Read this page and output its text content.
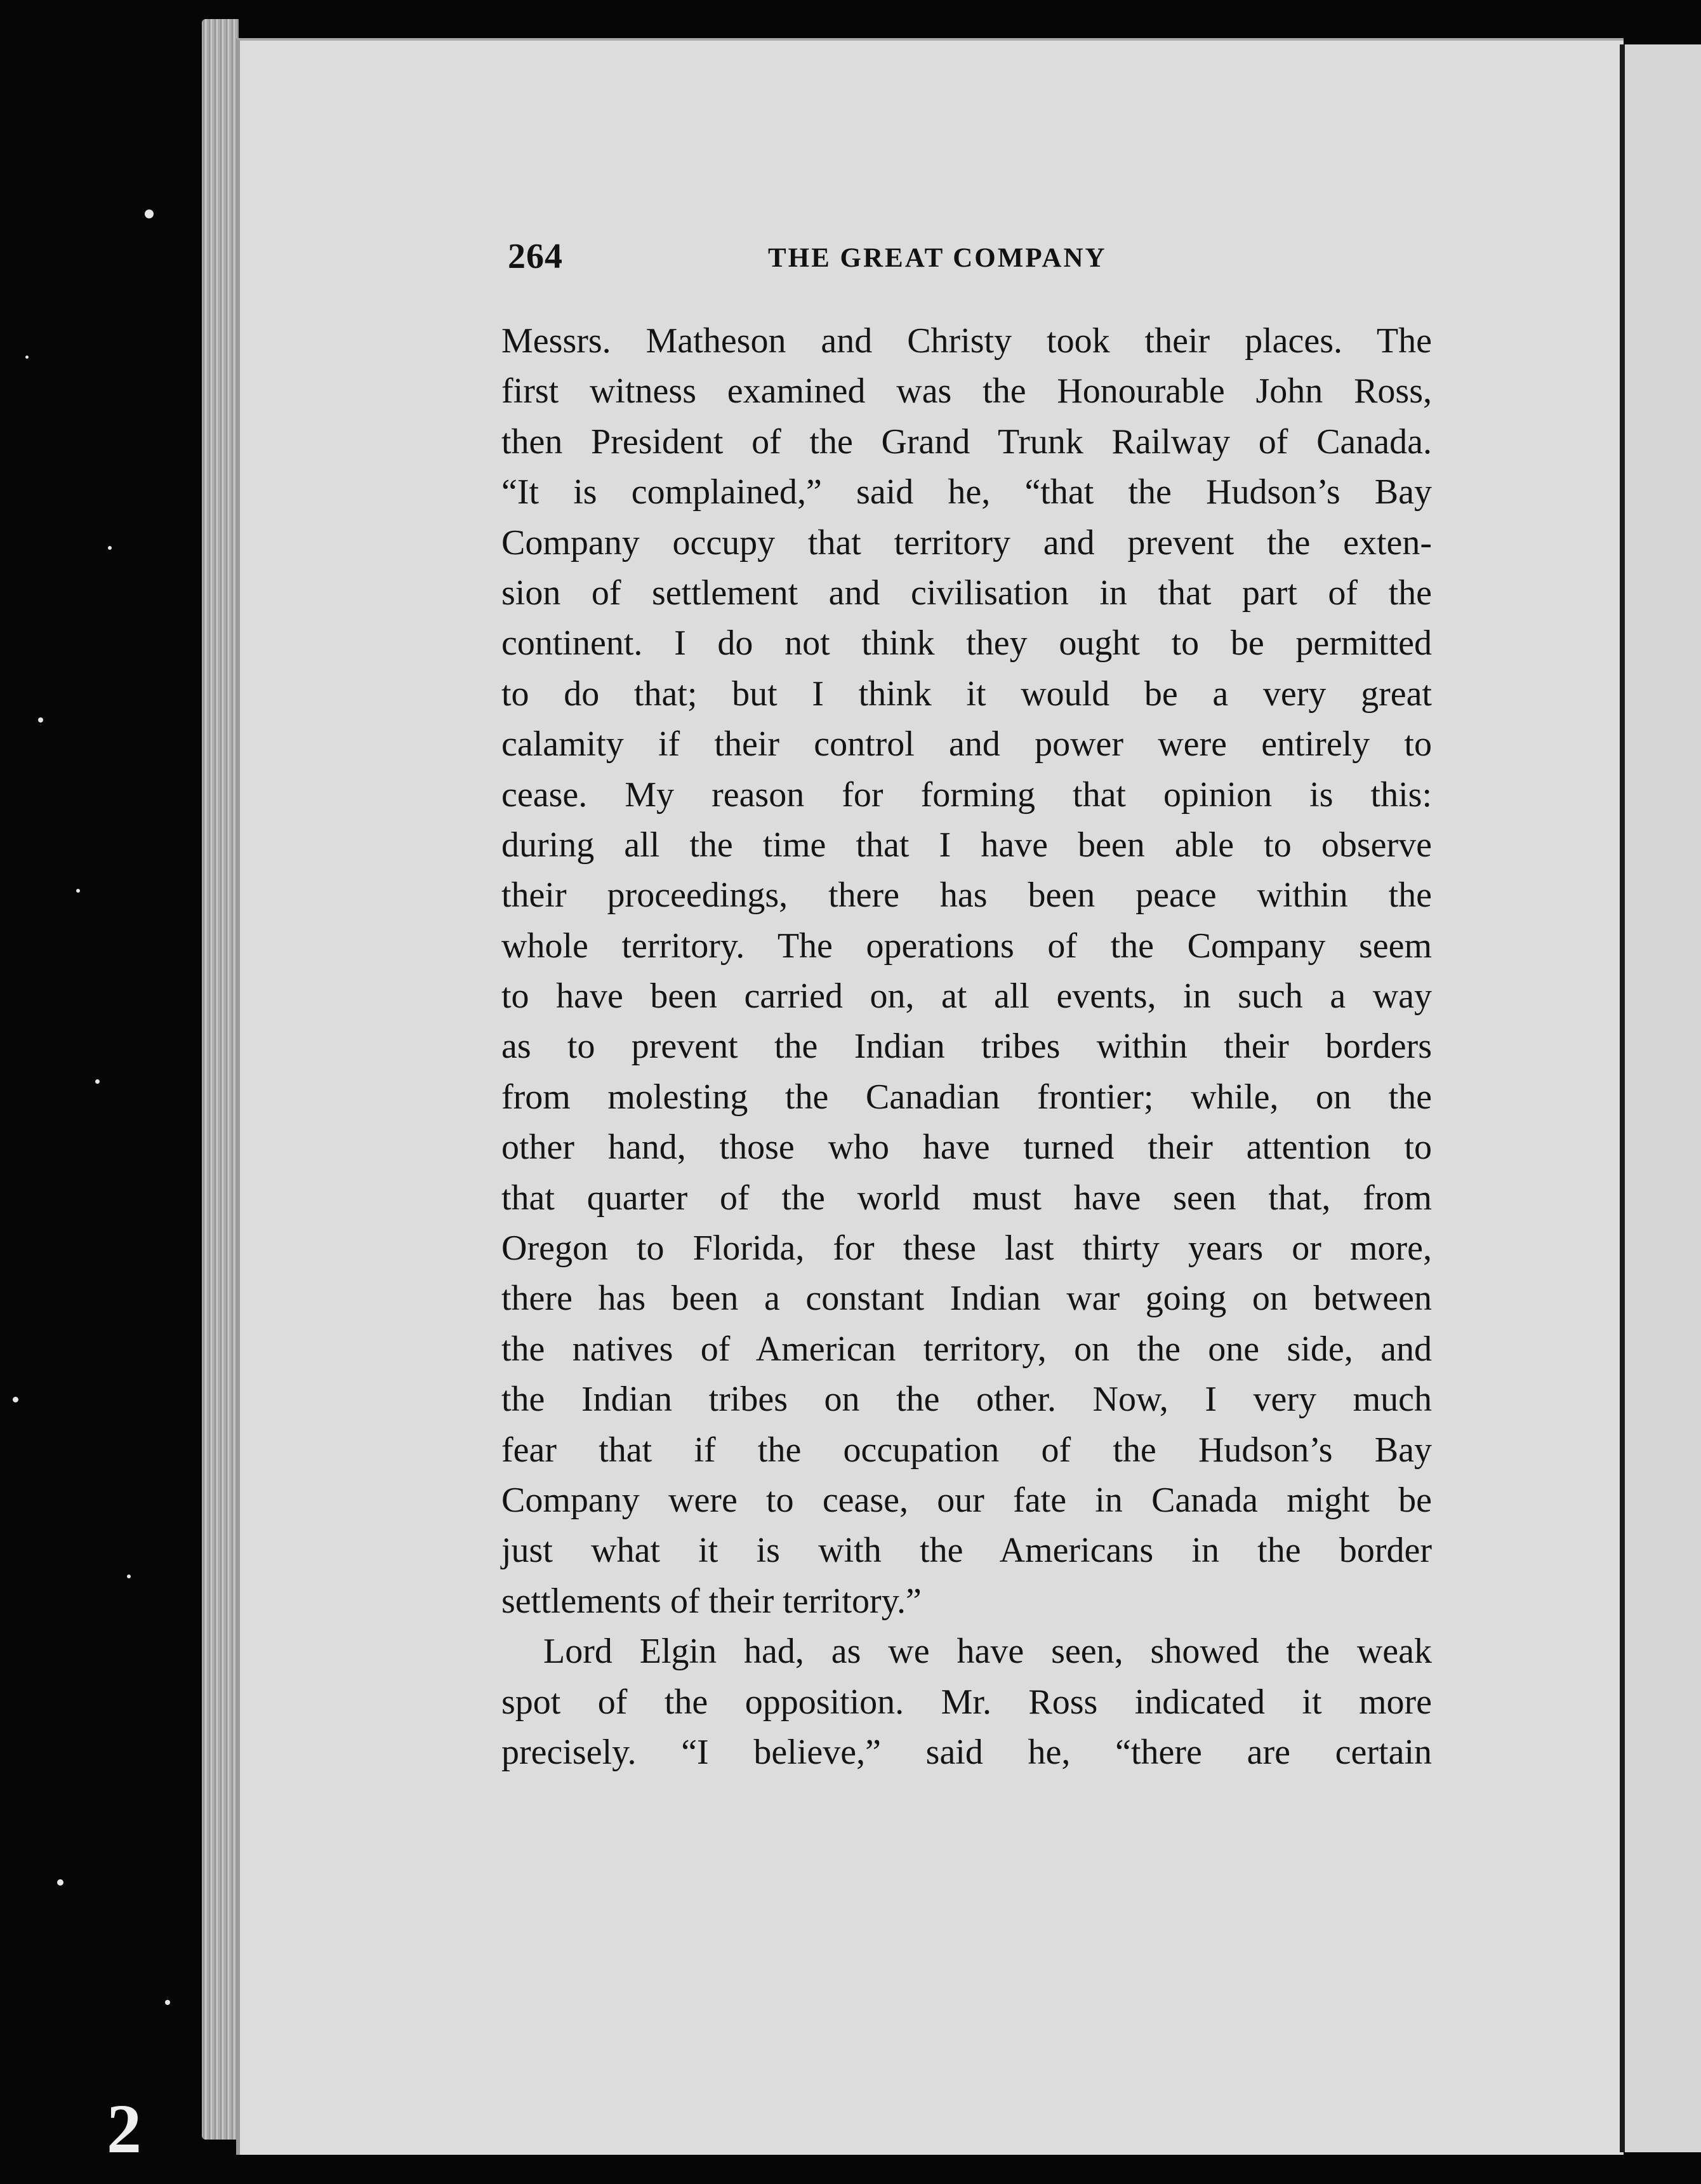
264	THE GREAT COMPANY
Messrs. Matheson and Christy took their places. The
first witness examined was the Honourable John Ross,
then President of the Grand Trunk Railway of Canada.
“It is complained,” said he, “that the Hudson’s Bay
Company occupy that territory and prevent the exten-
sion of settlement and civilisation in that part of the
continent. I do not think they ought to be permitted
to do that; but I think it would be a very great
calamity if their control and power were entirely to
cease. My reason for forming that opinion is this:
during all the time that I have been able to observe
their proceedings, there has been peace within the
whole territory. The operations of the Company seem
to have been carried on, at all events, in such a way
as to prevent the Indian tribes within their borders
from molesting the Canadian frontier; while, on the
other hand, those who have turned their attention to
that quarter of the world must have seen that, from
Oregon to Florida, for these last thirty years or more,
there has been a constant Indian war going on between
the natives of American territory, on the one side, and
the Indian tribes on the other. Now, I very much
fear that if the occupation of the Hudson’s Bay
Company were to cease, our fate in Canada might be
just what it is with the Americans in the border
settlements of their territory.”
Lord Elgin had, as we have seen, showed the weak
spot of the opposition. Mr. Ross indicated it more
precisely. “I believe,” said he, “there are certain
2
